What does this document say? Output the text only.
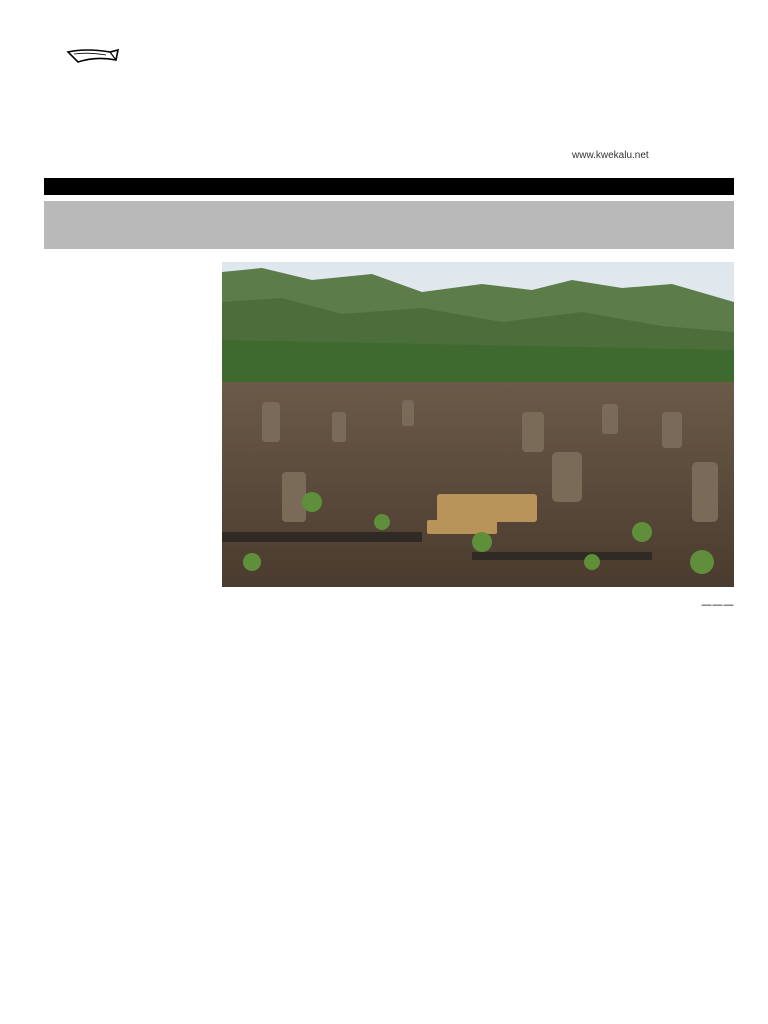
www.kwekalu.net

———
